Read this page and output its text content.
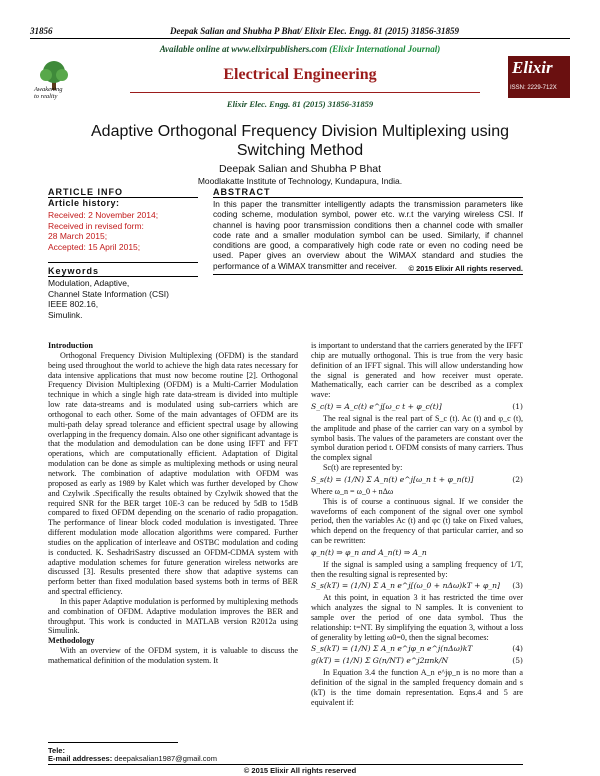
31856	Deepak Salian and Shubha P Bhat/ Elixir Elec. Engg. 81 (2015) 31856-31859
Available online at www.elixirpublishers.com (Elixir International Journal)
Awakening
to reality
Electrical Engineering
Elixir Elec. Engg. 81 (2015) 31856-31859
Elixir
ISSN: 2229-712X
Adaptive Orthogonal Frequency Division Multiplexing using Switching Method
Deepak Salian and Shubha P Bhat
Moodlakatte Institute of Technology, Kundapura, India.
ARTICLE INFO
Article history:
Received: 2 November 2014;
Received in revised form:
28 March 2015;
Accepted: 15 April 2015;
Keywords
Modulation, Adaptive,
Channel State Information (CSI)
IEEE 802.16,
Simulink.
ABSTRACT
In this paper the transmitter intelligently adapts the transmission parameters like coding scheme, modulation symbol, power etc. w.r.t the varying wireless CSI. If channel is having poor transmission conditions then a channel code with smaller code rate and a smaller modulation symbol can be used. Similarly, if channel conditions are good, a comparatively high code rate or even no coding need be used. Paper gives an overview about the WiMAX standard and studies the performance of a WiMAX transmitter and receiver.	© 2015 Elixir All rights reserved.
Introduction

Orthogonal Frequency Division Multiplexing (OFDM) is the standard being used throughout the world to achieve the high data rates necessary for data intensive applications that must now become routine [2]. Orthogonal Frequency Division Multiplexing (OFDM) is a Multi-Carrier Modulation technique in which a single high rate data-stream is divided into multiple low rate data-streams and is modulated using sub-carriers which are orthogonal to each other. Some of the main advantages of OFDM are its multi-path delay spread tolerance and efficient spectral usage by allowing overlapping in the frequency domain. Also one other significant advantage is that the modulation and demodulation can be done using IFFT and FFT operations, which are computationally efficient. Adaptation of Digital modulation can be done as simple as multiplexing methods or using neural network. The combination of adaptive modulation with OFDM was proposed as early as 1989 by Kalet which was further developed by Chow and Czylwik .Specifically the results obtained by Czylwik showed that the required SNR for the BER target 10E-3 can be reduced by 5dB to 15dB compared to fixed OFDM depending on the scenario of radio propagation. The performance of linear block coded modulation is investigated. Three different modulation mode allocation algorithms were compared. Further studies on the application of interleave and OSTBC modulation and coding is conducted. K. SeshadriSastry discussed an OFDM-CDMA system with adaptive modulation schemes for future generation wireless networks are discussed [3]. Results presented there show that adaptive systems can perform better than fixed modulation based systems both in terms of BER and spectral efficiency.

In this paper Adaptive modulation is performed by multiplexing methods and combination of OFDM. Adaptive modulation improves the BER and throughput. This work is conducted in MATLAB version R2012a using Simulink.

Methodology

With an overview of the OFDM system, it is valuable to discuss the mathematical definition of the modulation system. It

is important to understand that the carriers generated by the IFFT chip are mutually orthogonal. This is true from the very basic definition of an IFFT signal. This will allow understanding how the signal is generated and how receiver must operate. Mathematically, each carrier can be described as a complex wave:

S_c(t) = A_c(t) e^j[ω_c t + φ_c(t)]	(1)

The real signal is the real part of S_c (t). Ac (t) and φ_c (t), the amplitude and phase of the carrier can vary on a symbol by symbol basis. The values of the parameters are constant over the symbol duration period t. OFDM consists of many carriers. Thus the complex signal

Sc(t) are represented by:

S_s(t) = (1/N) Σ A_n(t) e^j[ω_n t + φ_n(t)]	(2)

Where ω_n = ω_0 + nΔω

This is of course a continuous signal. If we consider the waveforms of each component of the signal over one symbol period, then the variables Ac (t) and φc (t) take on Fixed values, which depend on the frequency of that particular carrier, and so can be rewritten:

φ_n(t) ⇒ φ_n and A_n(t) ⇒ A_n

If the signal is sampled using a sampling frequency of 1/T, then the resulting signal is represented by:

S_s(kT) = (1/N) Σ A_n e^j[(ω_0 + nΔω)kT + φ_n] (3)

At this point, in equation 3 it has restricted the time over which analyzes the signal to N samples. It is convenient to sample over the period of one data symbol. Thus the relationship: t=NT. By simplifying the equation 3, without a loss of generality by letting ω0=0, then the signal becomes:

S_s(kT) = (1/N) Σ A_n e^jφ_n e^j(nΔω)kT	(4)
g(kT) = (1/N) Σ G(n/NT) e^j2πnk/N	(5)

In Equation 3.4 the function A_n e^jφ_n is no more than a definition of the signal in the sampled frequency domain and s (kT) is the time domain representation. Eqns.4 and 5 are equivalent if:

Tele:
E-mail addresses: deepaksalian1987@gmail.com
© 2015 Elixir All rights reserved
